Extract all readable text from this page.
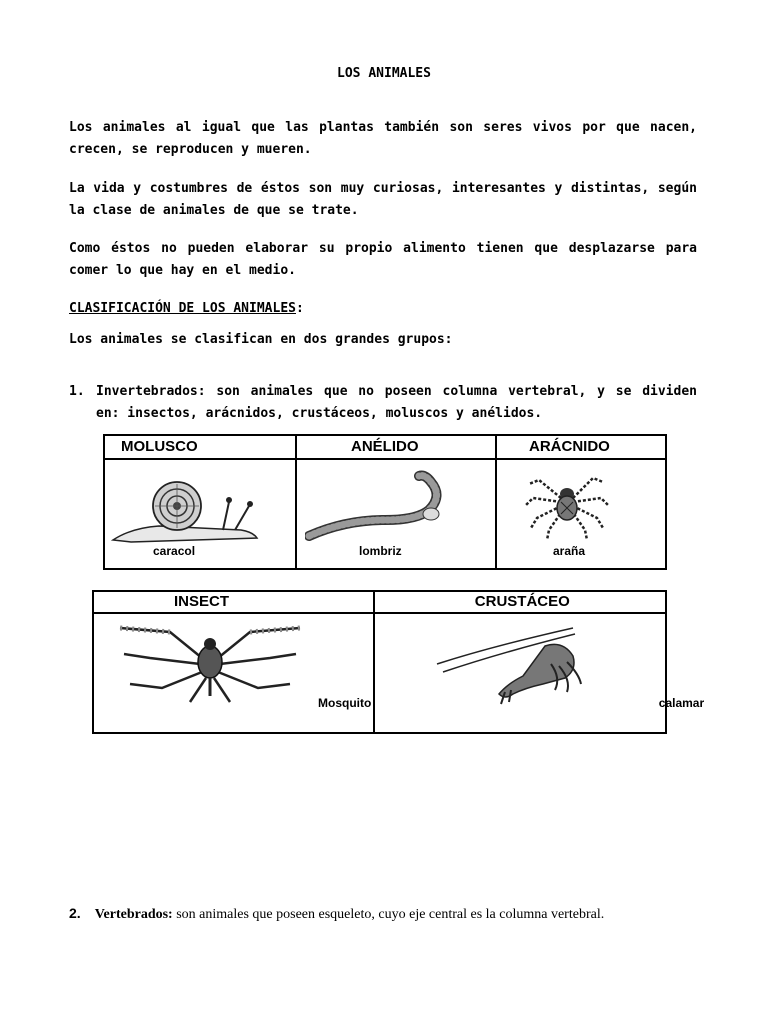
LOS ANIMALES

Los animales al igual que las plantas también son seres vivos por que nacen, crecen, se reproducen y mueren.

La vida y costumbres de éstos son muy curiosas, interesantes y distintas, según la clase de animales de que se trate.

Como éstos no pueden elaborar su propio alimento tienen que desplazarse para comer lo que hay en el medio.

CLASIFICACIÓN DE LOS ANIMALES:
Los animales se clasifican en dos grandes grupos:
1. Invertebrados: son animales que no poseen columna vertebral, y se dividen en: insectos, arácnidos, crustáceos, moluscos y anélidos.
MOLUSCO	ANÉLIDO	ARÁCNIDO

caracol	lombriz	araña
INSECT	CRUSTÁCEO

Mosquito	calamar
2. Vertebrados: son animales que poseen esqueleto, cuyo eje central es la columna vertebral.
